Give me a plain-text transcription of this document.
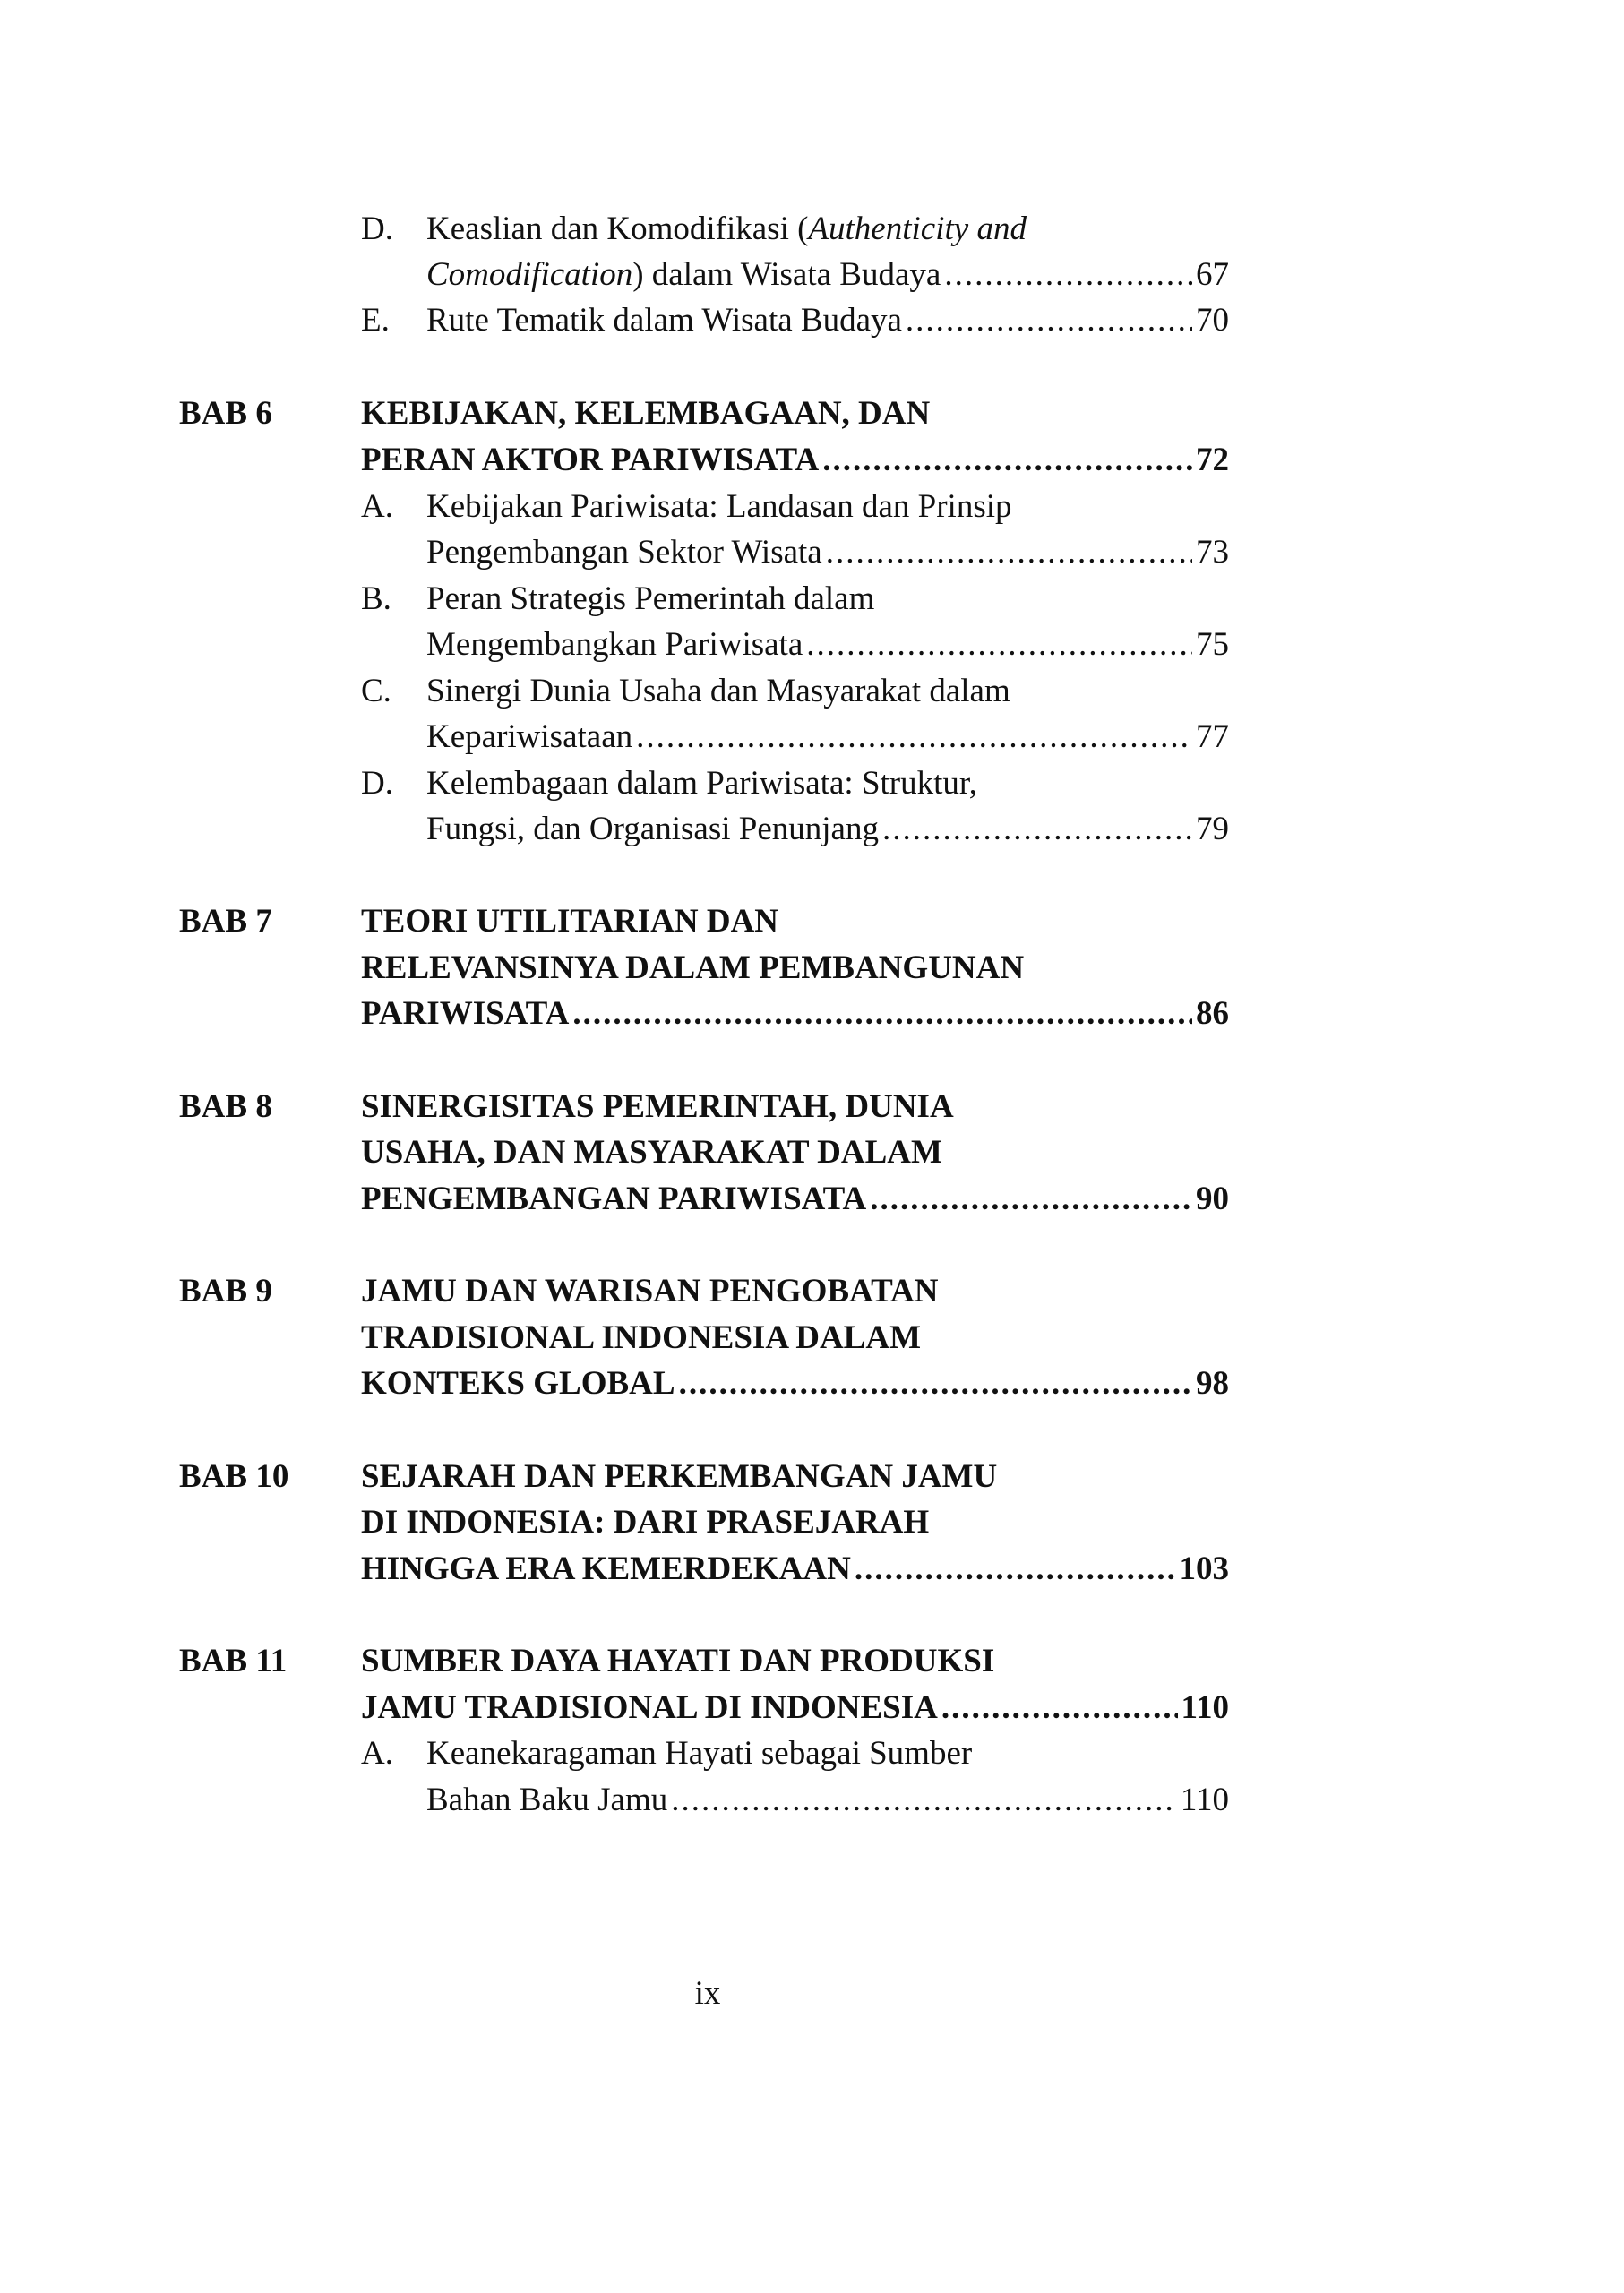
D. Keaslian dan Komodifikasi (Authenticity and
Comodification) dalam Wisata Budaya .....	67
E. Rute Tematik dalam Wisata Budaya .....	70
BAB 6	KEBIJAKAN, KELEMBAGAAN, DAN
PERAN AKTOR PARIWISATA .....	72
A. Kebijakan Pariwisata: Landasan dan Prinsip
Pengembangan Sektor Wisata .....	73
B. Peran Strategis Pemerintah dalam
Mengembangkan Pariwisata .....	75
C. Sinergi Dunia Usaha dan Masyarakat dalam
Kepariwisataan .....	77
D. Kelembagaan dalam Pariwisata: Struktur,
Fungsi, dan Organisasi Penunjang .....	79
BAB 7	TEORI UTILITARIAN DAN
RELEVANSINYA DALAM PEMBANGUNAN
PARIWISATA .....	86
BAB 8	SINERGISITAS PEMERINTAH, DUNIA
USAHA, DAN MASYARAKAT DALAM
PENGEMBANGAN PARIWISATA .....	90
BAB 9	JAMU DAN WARISAN PENGOBATAN
TRADISIONAL INDONESIA DALAM
KONTEKS GLOBAL .....	98
BAB 10 SEJARAH DAN PERKEMBANGAN JAMU
DI INDONESIA: DARI PRASEJARAH
HINGGA ERA KEMERDEKAAN .....	103
BAB 11 SUMBER DAYA HAYATI DAN PRODUKSI
JAMU TRADISIONAL DI INDONESIA .....	110
A. Keanekaragaman Hayati sebagai Sumber
Bahan Baku Jamu .....	110
ix
